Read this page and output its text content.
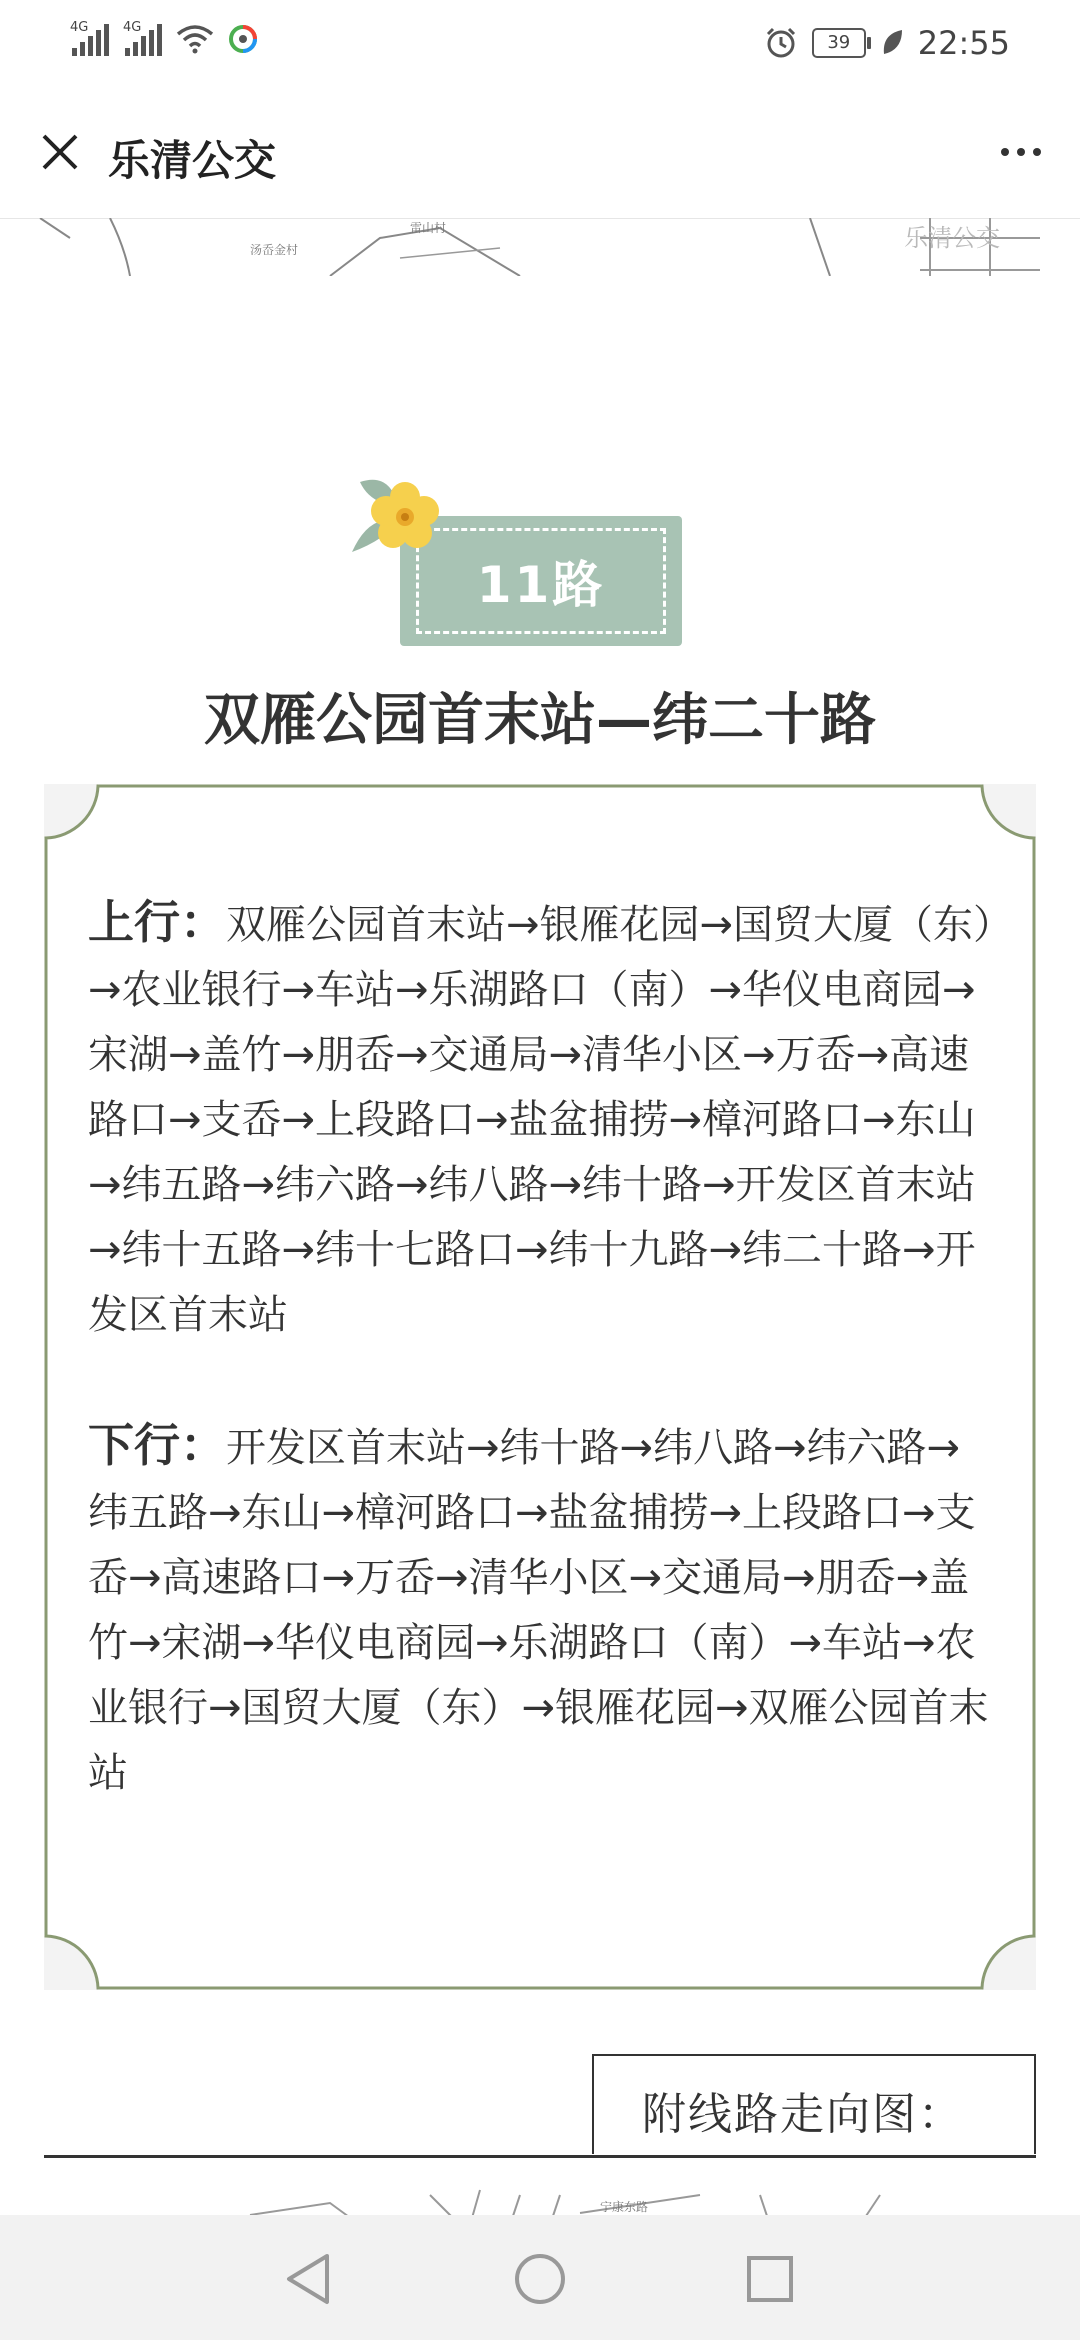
4G	4G
39	22:55
乐清公交
汤岙金村
雷山村	乐清公交
11路
双雁公园首末站—纬二十路

上行：双雁公园首末站→银雁花园→国贸大厦（东）→农业银行→车站→乐湖路口（南）→华仪电商园→宋湖→盖竹→朋岙→交通局→清华小区→万岙→高速路口→支岙→上段路口→盐盆捕捞→樟河路口→东山→纬五路→纬六路→纬八路→纬十路→开发区首末站→纬十五路→纬十七路口→纬十九路→纬二十路→开发区首末站

下行：开发区首末站→纬十路→纬八路→纬六路→纬五路→东山→樟河路口→盐盆捕捞→上段路口→支岙→高速路口→万岙→清华小区→交通局→朋岙→盖竹→宋湖→华仪电商园→乐湖路口（南）→车站→农业银行→国贸大厦（东）→银雁花园→双雁公园首末站

附线路走向图：
宁康东路
